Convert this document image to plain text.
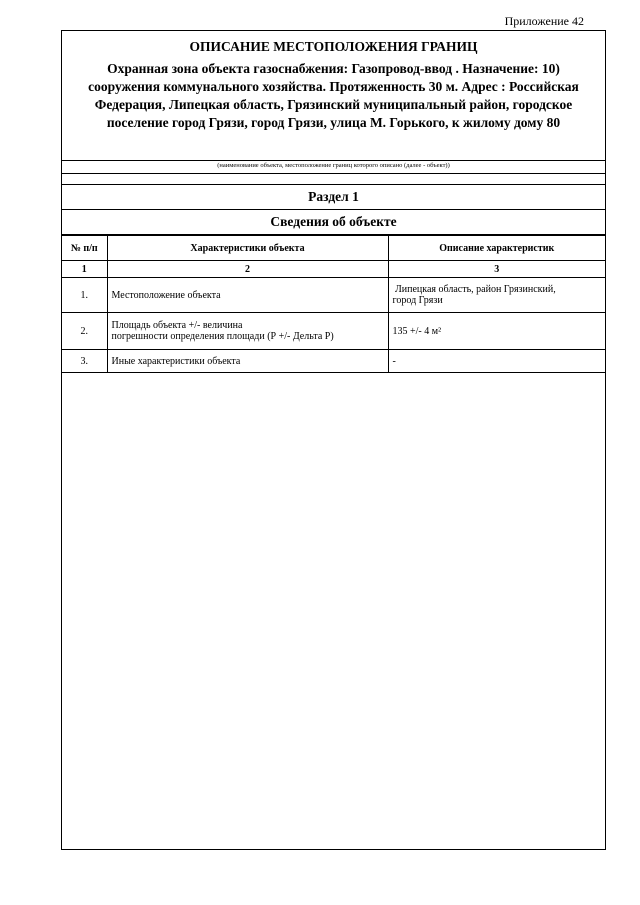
Приложение 42
ОПИСАНИЕ МЕСТОПОЛОЖЕНИЯ ГРАНИЦ
Охранная зона объекта газоснабжения: Газопровод-ввод . Назначение: 10)
сооружения коммунального хозяйства. Протяженность 30 м. Адрес : Российская
Федерация, Липецкая область, Грязинский муниципальный район, городское
поселение город Грязи, город Грязи, улица М. Горького, к жилому дому 80
(наименование объекта, местоположение границ которого описано (далее - объект))
Раздел 1
Сведения об объекте
№ п/п	Характеристики объекта	Описание характеристик
1	2	3
1.	Местоположение объекта	Липецкая область, район Грязинский,
город Грязи

2.	Площадь объекта +/- величина
погрешности определения площади (Р +/- Дельта Р)	135 +/- 4 м²

3.	Иные характеристики объекта	-
